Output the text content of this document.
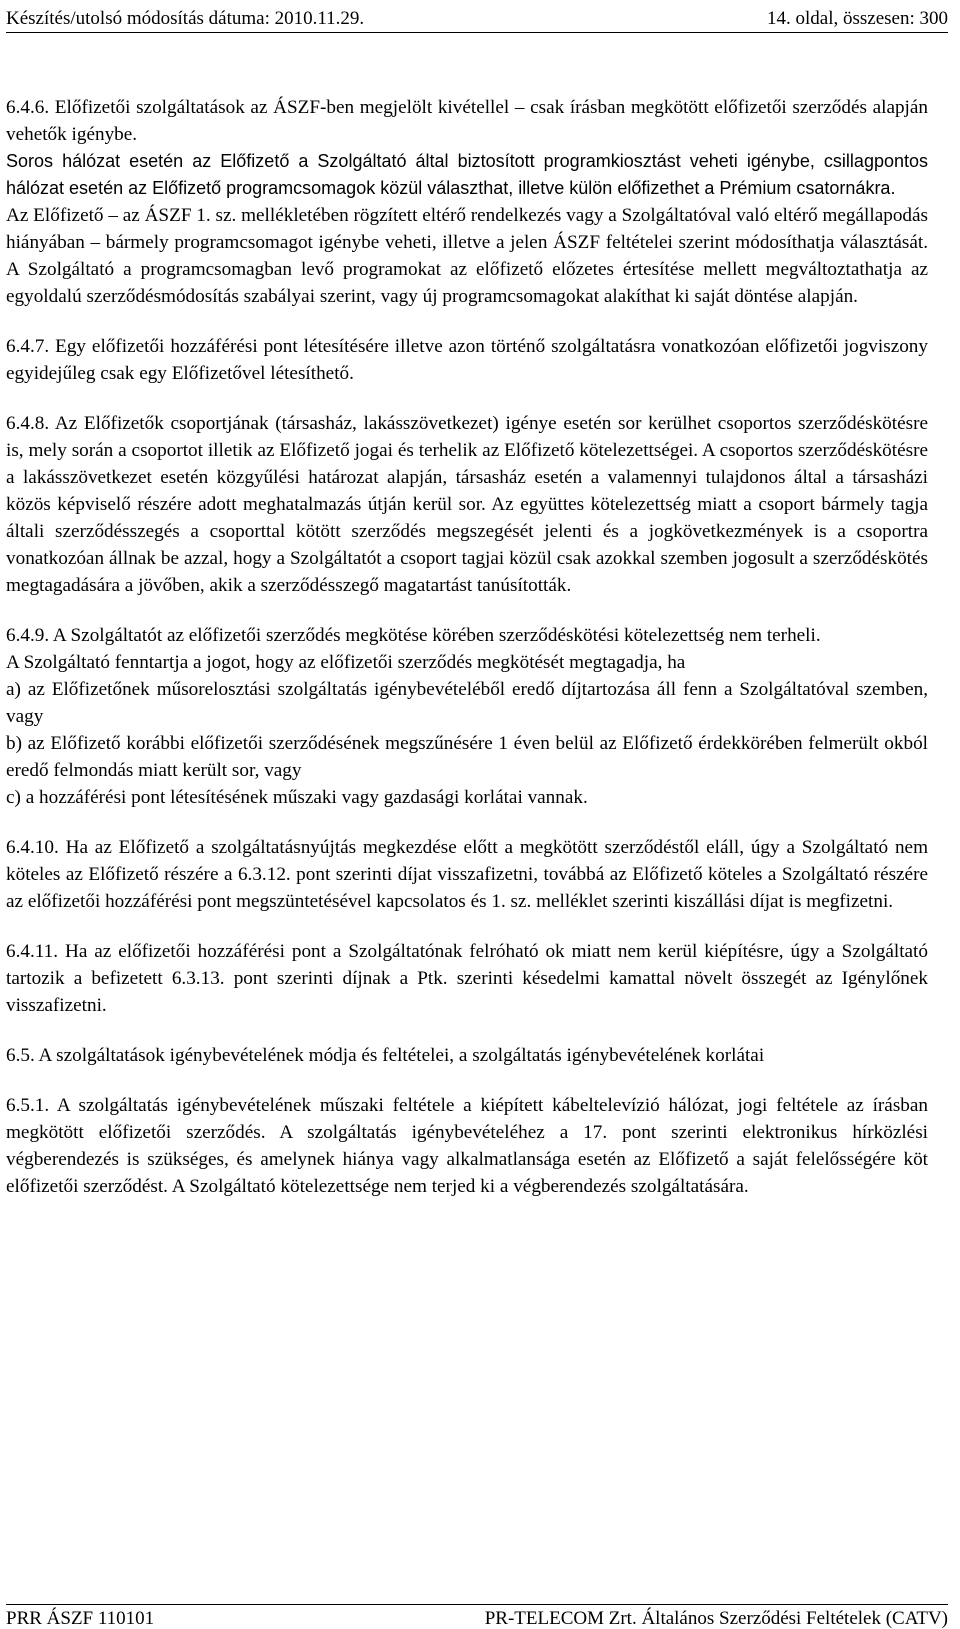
Készítés/utolsó módosítás dátuma: 2010.11.29.	14. oldal, összesen: 300
6.4.6. Előfizetői szolgáltatások az ÁSZF-ben megjelölt kivétellel – csak írásban megkötött előfizetői szerződés alapján vehetők igénybe.
Soros hálózat esetén az Előfizető a Szolgáltató által biztosított programkiosztást veheti igénybe, csillagpontos hálózat esetén az Előfizető programcsomagok közül választhat, illetve külön előfizethet a Prémium csatornákra.
Az Előfizető – az ÁSZF 1. sz. mellékletében rögzített eltérő rendelkezés vagy a Szolgáltatóval való eltérő megállapodás hiányában – bármely programcsomagot igénybe veheti, illetve a jelen ÁSZF feltételei szerint módosíthatja választását. A Szolgáltató a programcsomagban levő programokat az előfizető előzetes értesítése mellett megváltoztathatja az egyoldalú szerződésmódosítás szabályai szerint, vagy új programcsomagokat alakíthat ki saját döntése alapján.
6.4.7. Egy előfizetői hozzáférési pont létesítésére illetve azon történő szolgáltatásra vonatkozóan előfizetői jogviszony egyidejűleg csak egy Előfizetővel létesíthető.
6.4.8. Az Előfizetők csoportjának (társasház, lakásszövetkezet) igénye esetén sor kerülhet csoportos szerződéskötésre is, mely során a csoportot illetik az Előfizető jogai és terhelik az Előfizető kötelezettségei. A csoportos szerződéskötésre a lakásszövetkezet esetén közgyűlési határozat alapján, társasház esetén a valamennyi tulajdonos által a társasházi közös képviselő részére adott meghatalmazás útján kerül sor. Az együttes kötelezettség miatt a csoport bármely tagja általi szerződésszegés a csoporttal kötött szerződés megszegését jelenti és a jogkövetkezmények is a csoportra vonatkozóan állnak be azzal, hogy a Szolgáltatót a csoport tagjai közül csak azokkal szemben jogosult a szerződéskötés megtagadására a jövőben, akik a szerződésszegő magatartást tanúsították.
6.4.9. A Szolgáltatót az előfizetői szerződés megkötése körében szerződéskötési kötelezettség nem terheli.
A Szolgáltató fenntartja a jogot, hogy az előfizetői szerződés megkötését megtagadja, ha
a) az Előfizetőnek műsorelosztási szolgáltatás igénybevételéből eredő díjtartozása áll fenn a Szolgáltatóval szemben, vagy
b) az Előfizető korábbi előfizetői szerződésének megszűnésére 1 éven belül az Előfizető érdekkörében felmerült okból eredő felmondás miatt került sor, vagy
c) a hozzáférési pont létesítésének műszaki vagy gazdasági korlátai vannak.
6.4.10. Ha az Előfizető a szolgáltatásnyújtás megkezdése előtt a megkötött szerződéstől eláll, úgy a Szolgáltató nem köteles az Előfizető részére a 6.3.12. pont szerinti díjat visszafizetni, továbbá az Előfizető köteles a Szolgáltató részére az előfizetői hozzáférési pont megszüntetésével kapcsolatos és 1. sz. melléklet szerinti kiszállási díjat is megfizetni.
6.4.11. Ha az előfizetői hozzáférési pont a Szolgáltatónak felróható ok miatt nem kerül kiépítésre, úgy a Szolgáltató tartozik a befizetett 6.3.13. pont szerinti díjnak a Ptk. szerinti késedelmi kamattal növelt összegét az Igénylőnek visszafizetni.
6.5. A szolgáltatások igénybevételének módja és feltételei, a szolgáltatás igénybevételének korlátai
6.5.1. A szolgáltatás igénybevételének műszaki feltétele a kiépített kábeltelevízió hálózat, jogi feltétele az írásban megkötött előfizetői szerződés. A szolgáltatás igénybevételéhez a 17. pont szerinti elektronikus hírközlési végberendezés is szükséges, és amelynek hiánya vagy alkalmatlansága esetén az Előfizető a saját felelősségére köt előfizetői szerződést. A Szolgáltató kötelezettsége nem terjed ki a végberendezés szolgáltatására.
PRR ÁSZF 110101	PR-TELECOM Zrt. Általános Szerződési Feltételek (CATV)
